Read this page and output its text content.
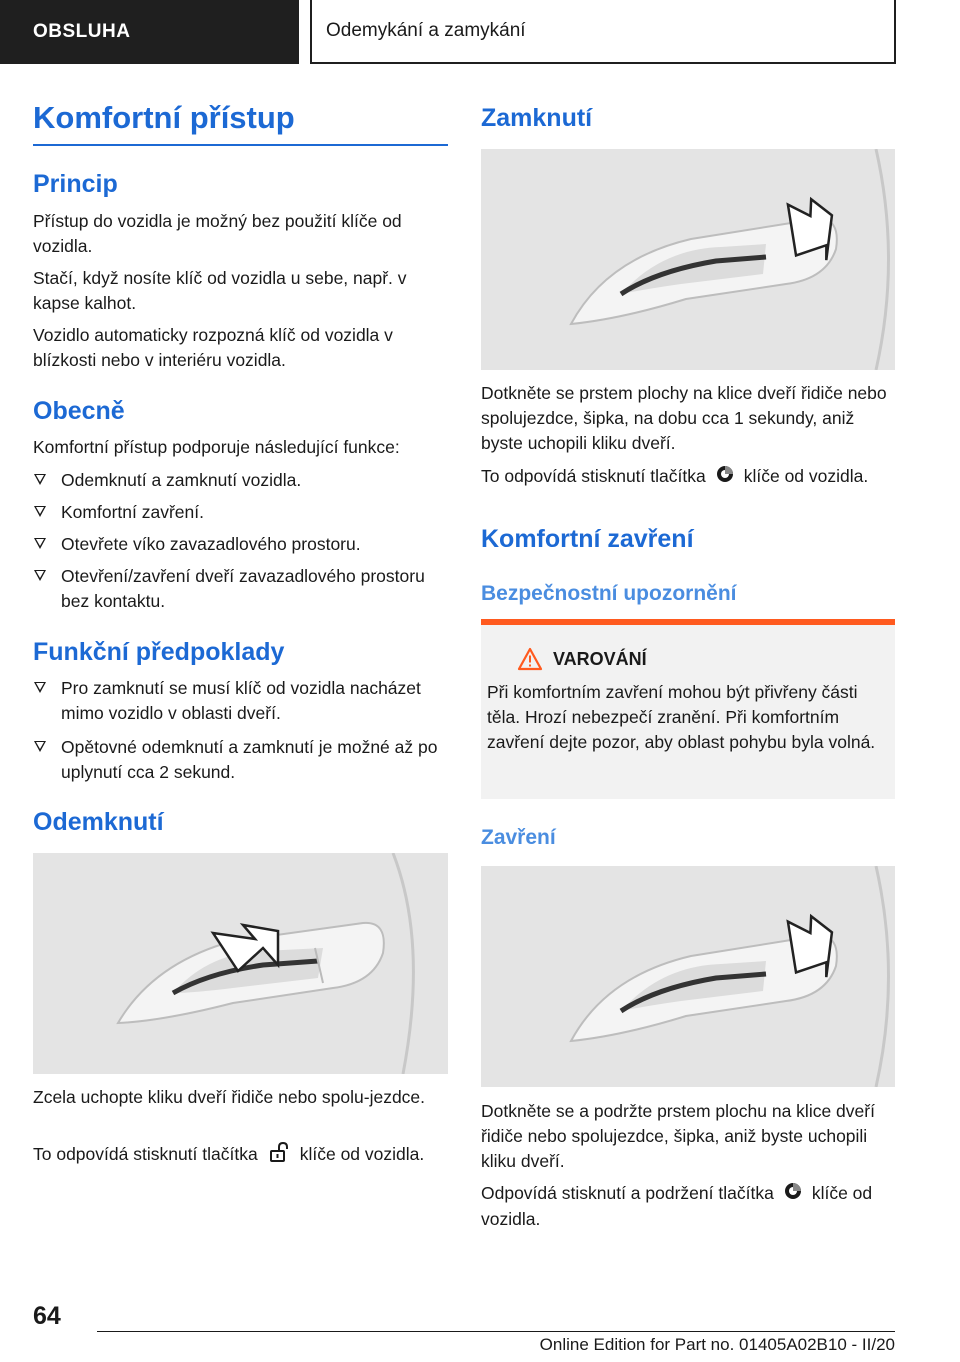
OBSLUHA	Odemykání a zamykání
Komfortní přístup
Princip

Přístup do vozidla je možný bez použití klíče od vozidla.

Stačí, když nosíte klíč od vozidla u sebe, např. v kapse kalhot.

Vozidlo automaticky rozpozná klíč od vozidla v blízkosti nebo v interiéru vozidla.

Obecně

Komfortní přístup podporuje následující funkce:

Odemknutí a zamknutí vozidla.
Komfortní zavření.
Otevřete víko zavazadlového prostoru.
Otevření/zavření dveří zavazadlového prostoru bez kontaktu.
Funkční předpoklady
Pro zamknutí se musí klíč od vozidla nacházet mimo vozidlo v oblasti dveří.
Opětovné odemknutí a zamknutí je možné až po uplynutí cca 2 sekund.
Odemknutí

Zcela uchopte kliku dveří řidiče nebo spolu-jezdce.

To odpovídá stisknutí tlačítka klíče od vozidla.

Zamknutí

Dotkněte se prstem plochy na klice dveří řidiče nebo spolujezdce, šipka, na dobu cca 1 sekundy, aniž byste uchopili kliku dveří.

To odpovídá stisknutí tlačítka klíče od vozidla.

Komfortní zavření
Bezpečnostní upozornění
VAROVÁNÍ
Při komfortním zavření mohou být přivřeny části těla. Hrozí nebezpečí zranění. Při komfortním zavření dejte pozor, aby oblast pohybu byla volná.
Zavření

Dotkněte se a podržte prstem plochu na klice dveří řidiče nebo spolujezdce, šipka, aniž byste uchopili kliku dveří.

Odpovídá stisknutí a podržení tlačítka klíče od vozidla.

64
Online Edition for Part no. 01405A02B10 - II/20
